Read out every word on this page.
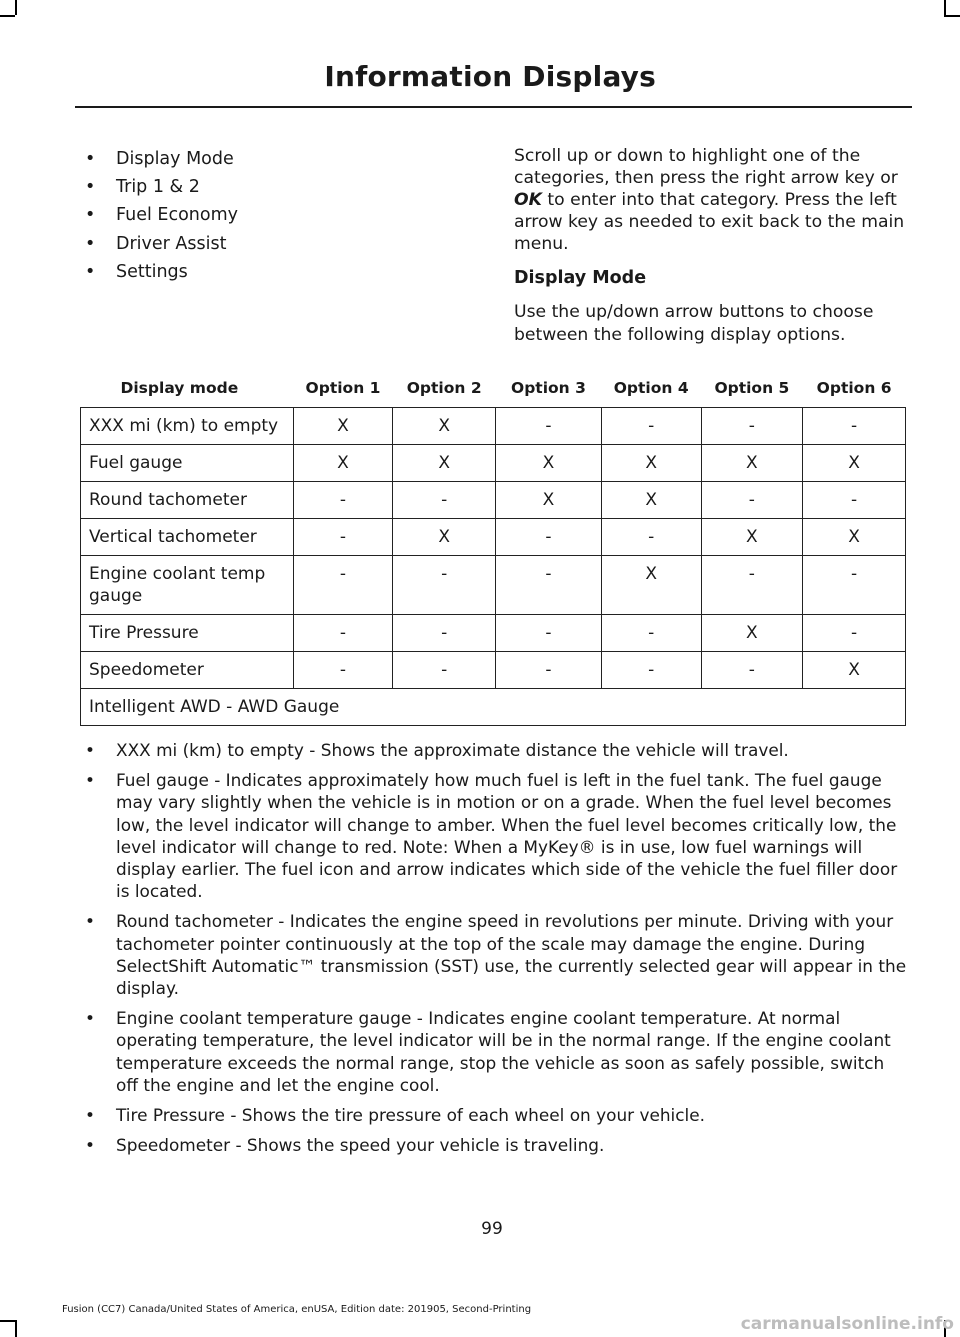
Information Displays
• Display Mode
• Trip 1 & 2
• Fuel Economy
• Driver Assist
• Settings

Scroll up or down to highlight one of the categories, then press the right arrow key or OK to enter into that category. Press the left arrow key as needed to exit back to the main menu.

Display Mode

Use the up/down arrow buttons to choose between the following display options.

Display mode	Option 1	Option 2	Option 3	Option 4	Option 5	Option 6
XXX mi (km) to empty	X	X	-	-	-	-
Fuel gauge	X	X	X	X	X	X
Round tachometer	-	-	X	X	-	-
Vertical tachometer	-	X	-	-	X	X
Engine coolant temp gauge	-	-	-	X	-	-
Tire Pressure	-	-	-	-	X	-
Speedometer	-	-	-	-	-	X
Intelligent AWD - AWD Gauge						
• XXX mi (km) to empty - Shows the approximate distance the vehicle will travel.
• Fuel gauge - Indicates approximately how much fuel is left in the fuel tank. The fuel gauge may vary slightly when the vehicle is in motion or on a grade. When the fuel level becomes low, the level indicator will change to amber. When the fuel level becomes critically low, the level indicator will change to red. Note: When a MyKey® is in use, low fuel warnings will display earlier. The fuel icon and arrow indicates which side of the vehicle the fuel filler door is located.
• Round tachometer - Indicates the engine speed in revolutions per minute. Driving with your tachometer pointer continuously at the top of the scale may damage the engine. During SelectShift Automatic™ transmission (SST) use, the currently selected gear will appear in the display.
• Engine coolant temperature gauge - Indicates engine coolant temperature. At normal operating temperature, the level indicator will be in the normal range. If the engine coolant temperature exceeds the normal range, stop the vehicle as soon as safely possible, switch off the engine and let the engine cool.
• Tire Pressure - Shows the tire pressure of each wheel on your vehicle.
• Speedometer - Shows the speed your vehicle is traveling.
99
Fusion (CC7) Canada/United States of America, enUSA, Edition date: 201905, Second-Printing
carmanualsonline.info
